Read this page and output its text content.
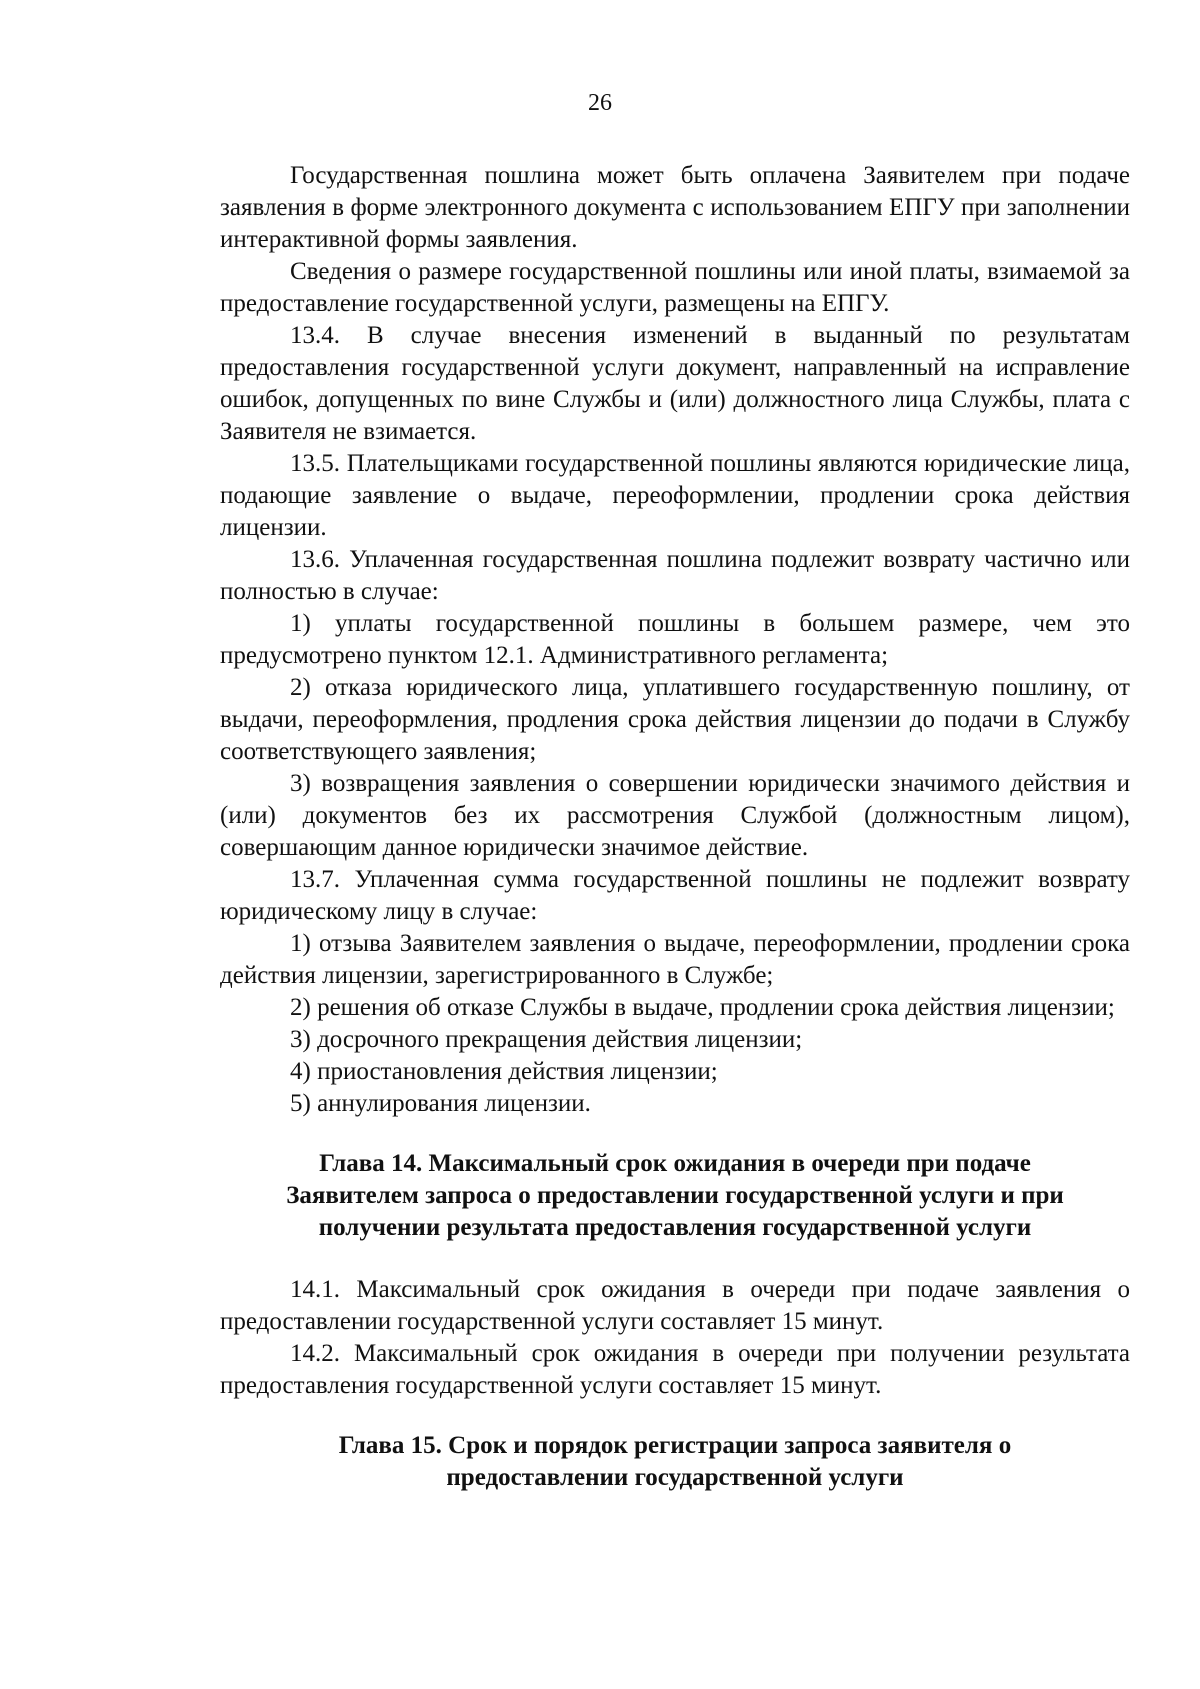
26

Государственная пошлина может быть оплачена Заявителем при подаче заявления в форме электронного документа с использованием ЕПГУ при заполнении интерактивной формы заявления.

Сведения о размере государственной пошлины или иной платы, взимаемой за предоставление государственной услуги, размещены на ЕПГУ.

13.4. В случае внесения изменений в выданный по результатам предоставления государственной услуги документ, направленный на исправление ошибок, допущенных по вине Службы и (или) должностного лица Службы, плата с Заявителя не взимается.

13.5. Плательщиками государственной пошлины являются юридические лица, подающие заявление о выдаче, переоформлении, продлении срока действия лицензии.

13.6. Уплаченная государственная пошлина подлежит возврату частично или полностью в случае:

1) уплаты государственной пошлины в большем размере, чем это предусмотрено пунктом 12.1. Административного регламента;

2) отказа юридического лица, уплатившего государственную пошлину, от выдачи, переоформления, продления срока действия лицензии до подачи в Службу соответствующего заявления;

3) возвращения заявления о совершении юридически значимого действия и (или) документов без их рассмотрения Службой (должностным лицом), совершающим данное юридически значимое действие.

13.7. Уплаченная сумма государственной пошлины не подлежит возврату юридическому лицу в случае:

1) отзыва Заявителем заявления о выдаче, переоформлении, продлении срока действия лицензии, зарегистрированного в Службе;

2) решения об отказе Службы в выдаче, продлении срока действия лицензии;

3) досрочного прекращения действия лицензии;

4) приостановления действия лицензии;

5) аннулирования лицензии.

Глава 14. Максимальный срок ожидания в очереди при подаче
Заявителем запроса о предоставлении государственной услуги и при
получении результата предоставления государственной услуги

14.1. Максимальный срок ожидания в очереди при подаче заявления о предоставлении государственной услуги составляет 15 минут.

14.2. Максимальный срок ожидания в очереди при получении результата предоставления государственной услуги составляет 15 минут.

Глава 15. Срок и порядок регистрации запроса заявителя о
предоставлении государственной услуги
